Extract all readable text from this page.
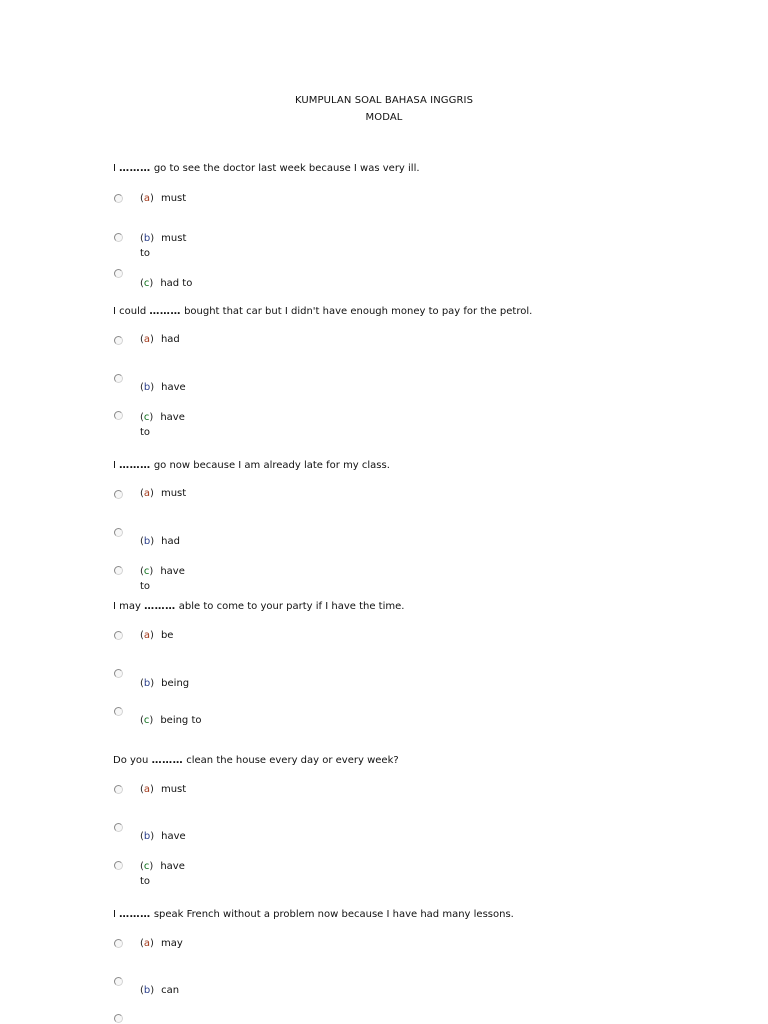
KUMPULAN SOAL BAHASA INGGRIS
MODAL
I ……… go to see the doctor last week because I was very ill.
(a) must
(b) must
to
(c) had to
I could ……… bought that car but I didn't have enough money to pay for the petrol.
(a) had
(b) have
(c) have
to
I ……… go now because I am already late for my class.
(a) must
(b) had
(c) have
to
I may ……… able to come to your party if I have the time.
(a) be
(b) being
(c) being to
Do you ……… clean the house every day or every week?
(a) must
(b) have
(c) have
to
I ……… speak French without a problem now because I have had many lessons.
(a) may
(b) can
